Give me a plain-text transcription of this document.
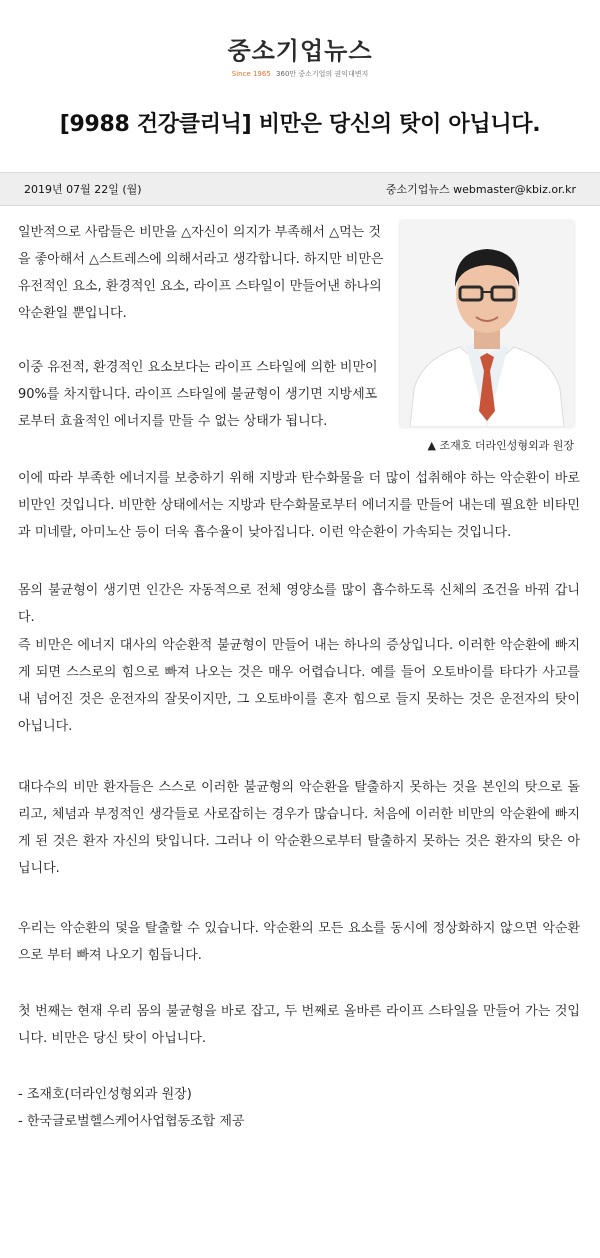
중소기업뉴스
Since 1965 360만 중소기업의 권익대변지
[9988 건강클리닉] 비만은 당신의 탓이 아닙니다.
2019년 07월 22일 (월)	중소기업뉴스 webmaster@kbiz.or.kr
▲ 조재호 더라인성형외과 원장

일반적으로 사람들은 비만을 △자신이 의지가 부족해서 △먹는 것을 좋아해서 △스트레스에 의해서라고 생각합니다. 하지만 비만은 유전적인 요소, 환경적인 요소, 라이프 스타일이 만들어낸 하나의 악순환일 뿐입니다.

이중 유전적, 환경적인 요소보다는 라이프 스타일에 의한 비만이 90%를 차지합니다. 라이프 스타일에 불균형이 생기면 지방세포로부터 효율적인 에너지를 만들 수 없는 상태가 됩니다.

이에 따라 부족한 에너지를 보충하기 위해 지방과 탄수화물을 더 많이 섭취해야 하는 악순환이 바로 비만인 것입니다. 비만한 상태에서는 지방과 탄수화물로부터 에너지를 만들어 내는데 필요한 비타민과 미네랄, 아미노산 등이 더욱 흡수율이 낮아집니다. 이런 악순환이 가속되는 것입니다.

몸의 불균형이 생기면 인간은 자동적으로 전체 영양소를 많이 흡수하도록 신체의 조건을 바꿔 갑니다.

즉 비만은 에너지 대사의 악순환적 불균형이 만들어 내는 하나의 증상입니다. 이러한 악순환에 빠지게 되면 스스로의 힘으로 빠져 나오는 것은 매우 어렵습니다. 예를 들어 오토바이를 타다가 사고를 내 넘어진 것은 운전자의 잘못이지만, 그 오토바이를 혼자 힘으로 들지 못하는 것은 운전자의 탓이 아닙니다.

대다수의 비만 환자들은 스스로 이러한 불균형의 악순환을 탈출하지 못하는 것을 본인의 탓으로 돌리고, 체념과 부정적인 생각들로 사로잡히는 경우가 많습니다. 처음에 이러한 비만의 악순환에 빠지게 된 것은 환자 자신의 탓입니다. 그러나 이 악순환으로부터 탈출하지 못하는 것은 환자의 탓은 아닙니다.

우리는 악순환의 덫을 탈출할 수 있습니다. 악순환의 모든 요소를 동시에 정상화하지 않으면 악순환으로 부터 빠져 나오기 힘듭니다.

첫 번째는 현재 우리 몸의 불균형을 바로 잡고, 두 번째로 올바른 라이프 스타일을 만들어 가는 것입니다. 비만은 당신 탓이 아닙니다.

- 조재호(더라인성형외과 원장)
- 한국글로벌헬스케어사업협동조합 제공
